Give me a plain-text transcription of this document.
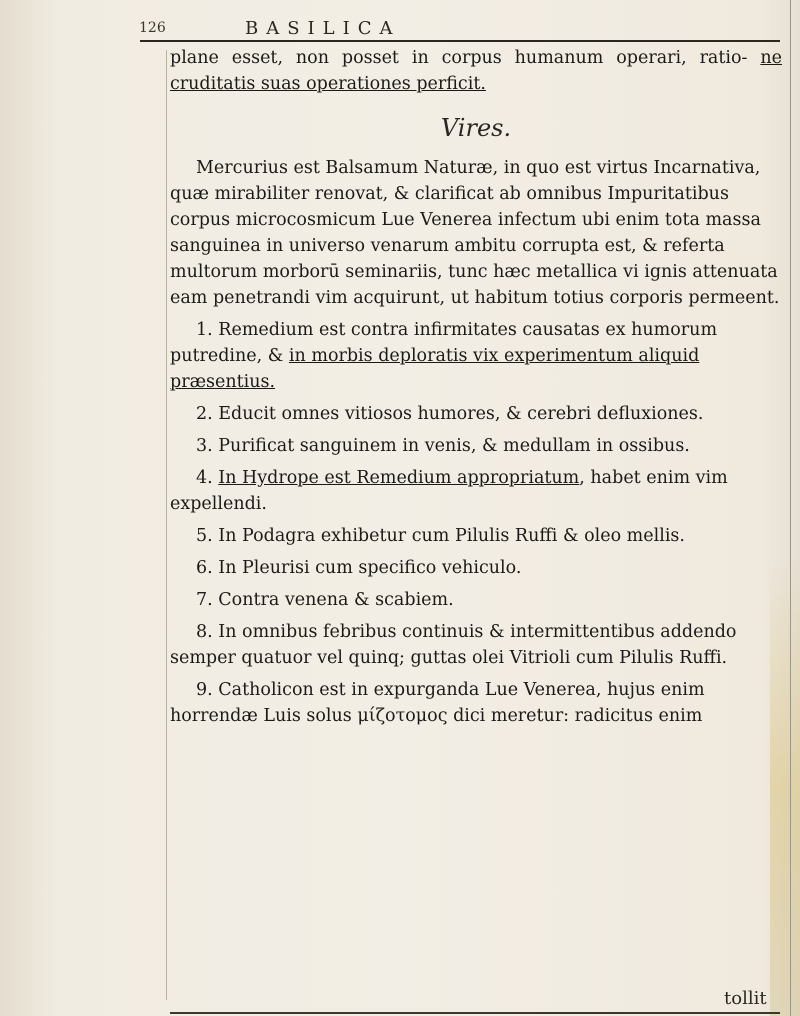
126	BASILICA

plane esset, non posset in corpus humanum operari, ratio- ne cruditatis suas operationes perficit.

Vires.

Mercurius est Balsamum Naturæ, in quo est virtus Incarnativa, quæ mirabiliter renovat, & clarificat ab omnibus Impuritatibus corpus microcosmicum Lue Venerea infectum ubi enim tota massa sanguinea in universo venarum ambitu corrupta est, & referta multorum morborū seminariis, tunc hæc metallica vi ignis attenuata eam penetrandi vim acquirunt, ut habitum totius corporis permeent.

1. Remedium est contra infirmitates causatas ex humorum putredine, & in morbis deploratis vix experimentum aliquid præsentius.

2. Educit omnes vitiosos humores, & cerebri defluxiones.

3. Purificat sanguinem in venis, & medullam in ossibus.

4. In Hydrope est Remedium appropriatum, habet enim vim expellendi.

5. In Podagra exhibetur cum Pilulis Ruffi & oleo mellis.

6. In Pleurisi cum specifico vehiculo.

7. Contra venena & scabiem.

8. In omnibus febribus continuis & intermittentibus addendo semper quatuor vel quinq; guttas olei Vitrioli cum Pilulis Ruffi.

9. Catholicon est in expurganda Lue Venerea, hujus enim horrendæ Luis solus μίζοτομος dici meretur: radicitus enim

tollit
